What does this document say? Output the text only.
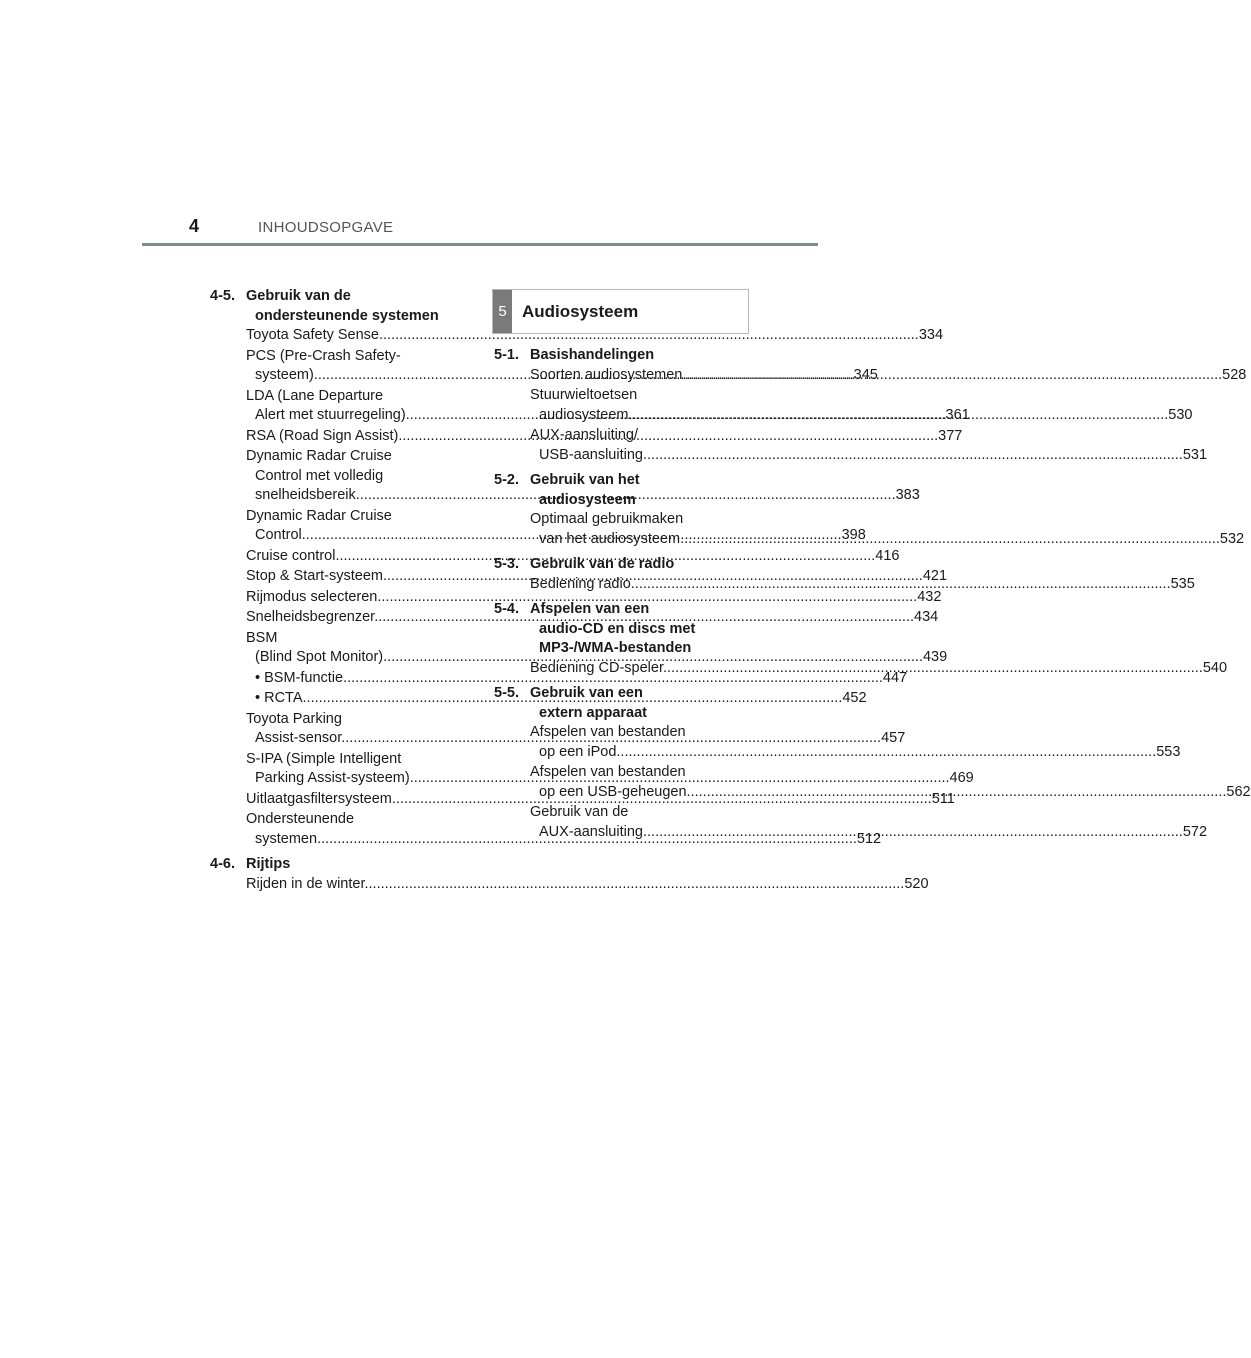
4	INHOUDSOPGAVE
4-5. Gebruik van de
ondersteunende systemen
Toyota Safety Sense .....	334
PCS (Pre-Crash Safety-
systeem) .....	345
LDA (Lane Departure
Alert met stuurregeling) .....	361
RSA (Road Sign Assist) .....	377
Dynamic Radar Cruise
Control met volledig
snelheidsbereik .....	383
Dynamic Radar Cruise
Control .....	398
Cruise control .....	416
Stop & Start-systeem .....	421
Rijmodus selecteren .....	432
Snelheidsbegrenzer .....	434
BSM
(Blind Spot Monitor) .....	439
• BSM-functie .....	447
• RCTA .....	452
Toyota Parking
Assist-sensor .....	457
S-IPA (Simple Intelligent
Parking Assist-systeem) .....	469
Uitlaatgasfiltersysteem .....	511
Ondersteunende
systemen .....	512
4-6. Rijtips
Rijden in de winter .....	520
5 Audiosysteem
5-1. Basishandelingen
Soorten audiosystemen .....	528
Stuurwieltoetsen
audiosysteem .....	530
AUX-aansluiting/
USB-aansluiting .....	531
5-2. Gebruik van het
audiosysteem
Optimaal gebruikmaken
van het audiosysteem .....	532
5-3. Gebruik van de radio
Bediening radio .....	535
5-4. Afspelen van een
audio-CD en discs met
MP3-/WMA-bestanden
Bediening CD-speler .....	540
5-5. Gebruik van een
extern apparaat
Afspelen van bestanden
op een iPod .....	553
Afspelen van bestanden
op een USB-geheugen .....	562
Gebruik van de
AUX-aansluiting .....	572
